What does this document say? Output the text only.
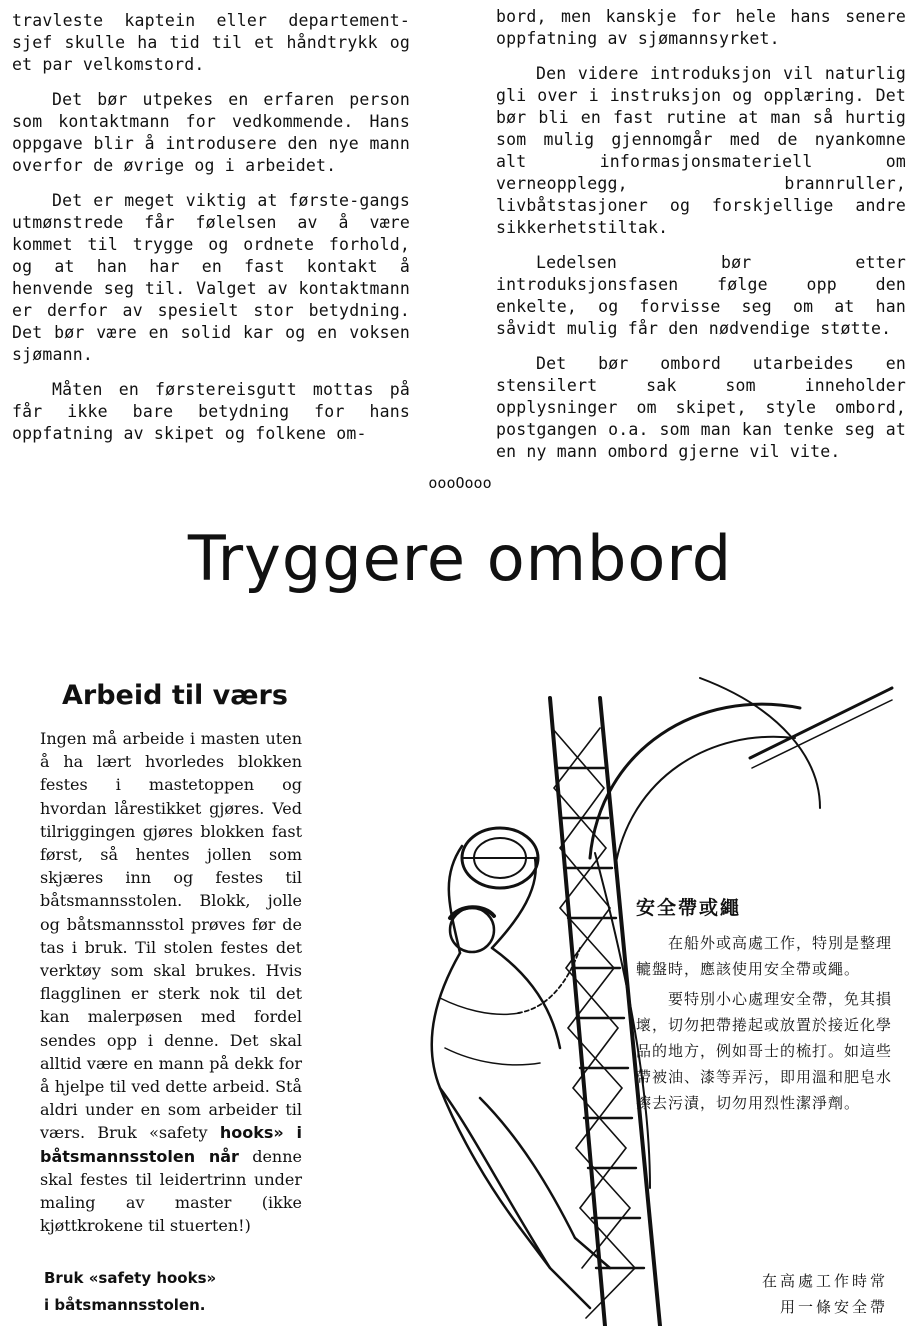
travleste kaptein eller departement-sjef skulle ha tid til et håndtrykk og et par velkomstord.

Det bør utpekes en erfaren person som kontaktmann for vedkommende. Hans oppgave blir å introdusere den nye mann overfor de øvrige og i arbeidet.

Det er meget viktig at første-gangs utmønstrede får følelsen av å være kommet til trygge og ordnete forhold, og at han har en fast kontakt å henvende seg til. Valget av kontaktmann er derfor av spesielt stor betydning. Det bør være en solid kar og en voksen sjømann.

Måten en førstereisgutt mottas på får ikke bare betydning for hans oppfatning av skipet og folkene om-

bord, men kanskje for hele hans senere oppfatning av sjømannsyrket.

Den videre introduksjon vil naturlig gli over i instruksjon og opplæring. Det bør bli en fast rutine at man så hurtig som mulig gjennomgår med de nyankomne alt informasjonsmateriell om verneopplegg, brannruller, livbåtstasjoner og forskjellige andre sikkerhetstiltak.

Ledelsen bør etter introduksjonsfasen følge opp den enkelte, og forvisse seg om at han såvidt mulig får den nødvendige støtte.

Det bør ombord utarbeides en stensilert sak som inneholder opplysninger om skipet, style ombord, postgangen o.a. som man kan tenke seg at en ny mann ombord gjerne vil vite.

oooOooo
Tryggere ombord
Arbeid til værs

Ingen må arbeide i masten uten å ha lært hvorledes blokken festes i mastetoppen og hvordan lårestikket gjøres. Ved tilriggingen gjøres blokken fast først, så hentes jollen som skjæres inn og festes til båtsmannsstolen. Blokk, jolle og båtsmannsstol prøves før de tas i bruk. Til stolen festes det verktøy som skal brukes. Hvis flagglinen er sterk nok til det kan malerpøsen med fordel sendes opp i denne. Det skal alltid være en mann på dekk for å hjelpe til ved dette arbeid. Stå aldri under en som arbeider til værs. Bruk «safety hooks» i båtsmannsstolen når denne skal festes til leidertrinn under maling av master (ikke kjøttkrokene til stuerten!)

Bruk «safety hooks»
i båtsmannsstolen.
安全帶或繩

在船外或高處工作，特別是整理轆盤時，應該使用安全帶或繩。

要特別小心處理安全帶，免其損壞，切勿把帶捲起或放置於接近化學品的地方，例如哥士的梳打。如這些帶被油、漆等弄污，即用溫和肥皂水擦去污漬，切勿用烈性潔淨劑。

在高處工作時常
用一條安全帶
